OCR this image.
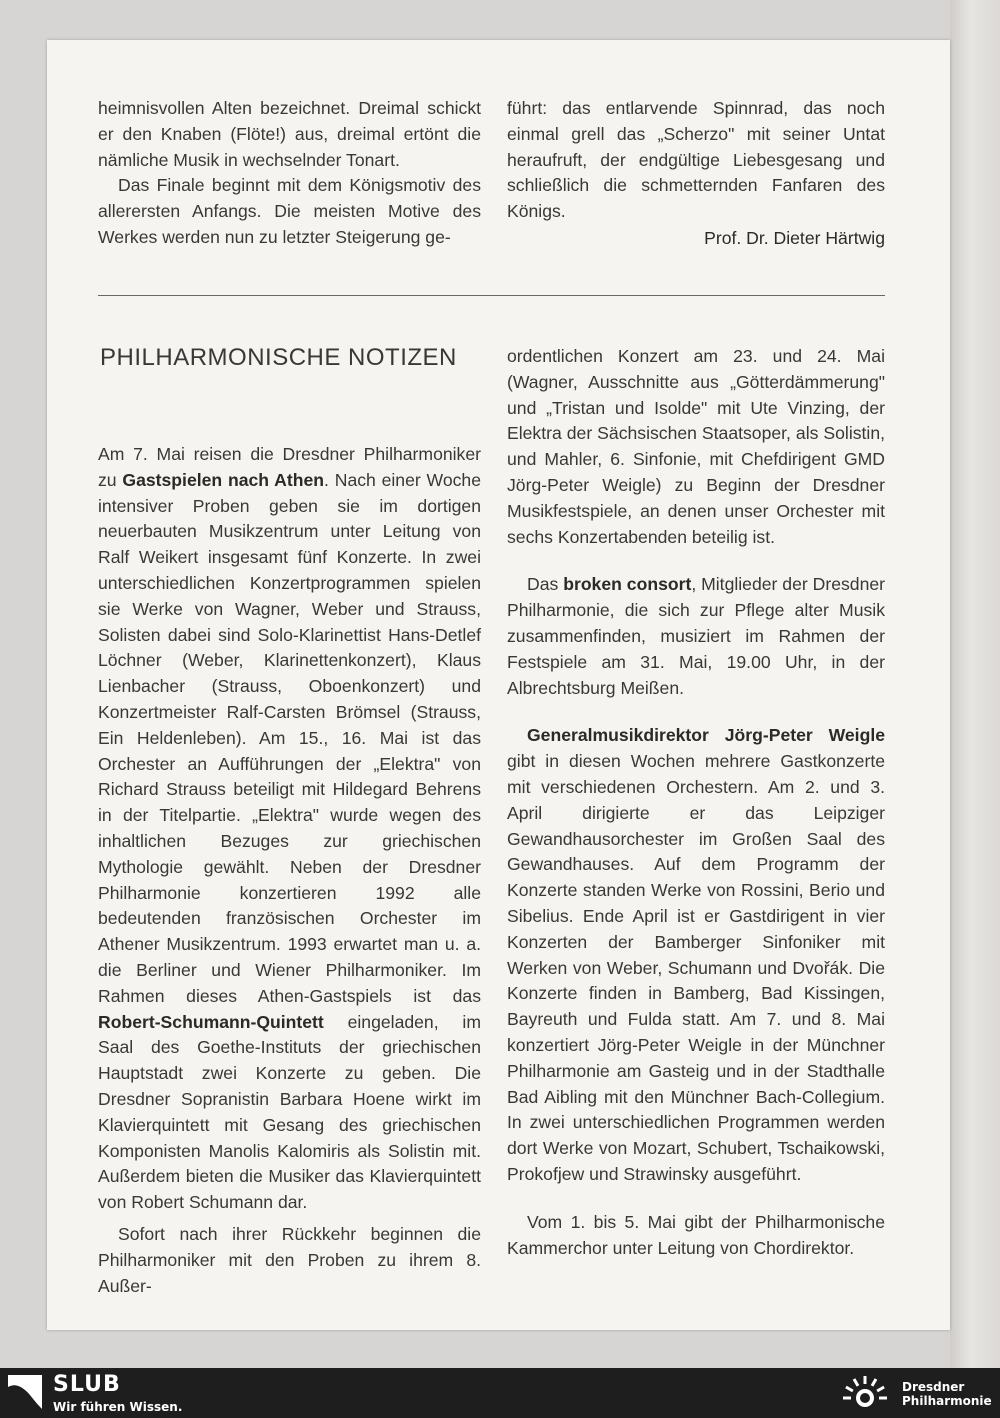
heimnisvollen Alten bezeichnet. Dreimal schickt er den Knaben (Flöte!) aus, dreimal ertönt die nämliche Musik in wechselnder Tonart.

Das Finale beginnt mit dem Königsmotiv des allerersten Anfangs. Die meisten Motive des Werkes werden nun zu letzter Steigerung ge-

führt: das entlarvende Spinnrad, das noch einmal grell das „Scherzo" mit seiner Untat heraufruft, der endgültige Liebesgesang und schließlich die schmetternden Fanfaren des Königs.

Prof. Dr. Dieter Härtwig
PHILHARMONISCHE NOTIZEN

Am 7. Mai reisen die Dresdner Philharmoniker zu Gastspielen nach Athen. Nach einer Woche intensiver Proben geben sie im dortigen neuerbauten Musikzentrum unter Leitung von Ralf Weikert insgesamt fünf Konzerte. In zwei unterschiedlichen Konzertprogrammen spielen sie Werke von Wagner, Weber und Strauss, Solisten dabei sind Solo-Klarinettist Hans-Detlef Löchner (Weber, Klarinettenkonzert), Klaus Lienbacher (Strauss, Oboenkonzert) und Konzertmeister Ralf-Carsten Brömsel (Strauss, Ein Heldenleben). Am 15., 16. Mai ist das Orchester an Aufführungen der „Elektra" von Richard Strauss beteiligt mit Hildegard Behrens in der Titelpartie. „Elektra" wurde wegen des inhaltlichen Bezuges zur griechischen Mythologie gewählt. Neben der Dresdner Philharmonie konzertieren 1992 alle bedeutenden französischen Orchester im Athener Musikzentrum. 1993 erwartet man u. a. die Berliner und Wiener Philharmoniker. Im Rahmen dieses Athen-Gastspiels ist das Robert-Schumann-Quintett eingeladen, im Saal des Goethe-Instituts der griechischen Hauptstadt zwei Konzerte zu geben. Die Dresdner Sopranistin Barbara Hoene wirkt im Klavierquintett mit Gesang des griechischen Komponisten Manolis Kalomiris als Solistin mit. Außerdem bieten die Musiker das Klavierquintett von Robert Schumann dar.

Sofort nach ihrer Rückkehr beginnen die Philharmoniker mit den Proben zu ihrem 8. Außer-

ordentlichen Konzert am 23. und 24. Mai (Wagner, Ausschnitte aus „Götterdämmerung" und „Tristan und Isolde" mit Ute Vinzing, der Elektra der Sächsischen Staatsoper, als Solistin, und Mahler, 6. Sinfonie, mit Chefdirigent GMD Jörg-Peter Weigle) zu Beginn der Dresdner Musikfestspiele, an denen unser Orchester mit sechs Konzertabenden beteilig ist.

Das broken consort, Mitglieder der Dresdner Philharmonie, die sich zur Pflege alter Musik zusammenfinden, musiziert im Rahmen der Festspiele am 31. Mai, 19.00 Uhr, in der Albrechtsburg Meißen.

Generalmusikdirektor Jörg-Peter Weigle gibt in diesen Wochen mehrere Gastkonzerte mit verschiedenen Orchestern. Am 2. und 3. April dirigierte er das Leipziger Gewandhausorchester im Großen Saal des Gewandhauses. Auf dem Programm der Konzerte standen Werke von Rossini, Berio und Sibelius. Ende April ist er Gastdirigent in vier Konzerten der Bamberger Sinfoniker mit Werken von Weber, Schumann und Dvořák. Die Konzerte finden in Bamberg, Bad Kissingen, Bayreuth und Fulda statt. Am 7. und 8. Mai konzertiert Jörg-Peter Weigle in der Münchner Philharmonie am Gasteig und in der Stadthalle Bad Aibling mit den Münchner Bach-Collegium. In zwei unterschiedlichen Programmen werden dort Werke von Mozart, Schubert, Tschaikowski, Prokofjew und Strawinsky ausgeführt.

Vom 1. bis 5. Mai gibt der Philharmonische Kammerchor unter Leitung von Chordirektor.

SLUB
Wir führen Wissen.
Dresdner
Philharmonie
